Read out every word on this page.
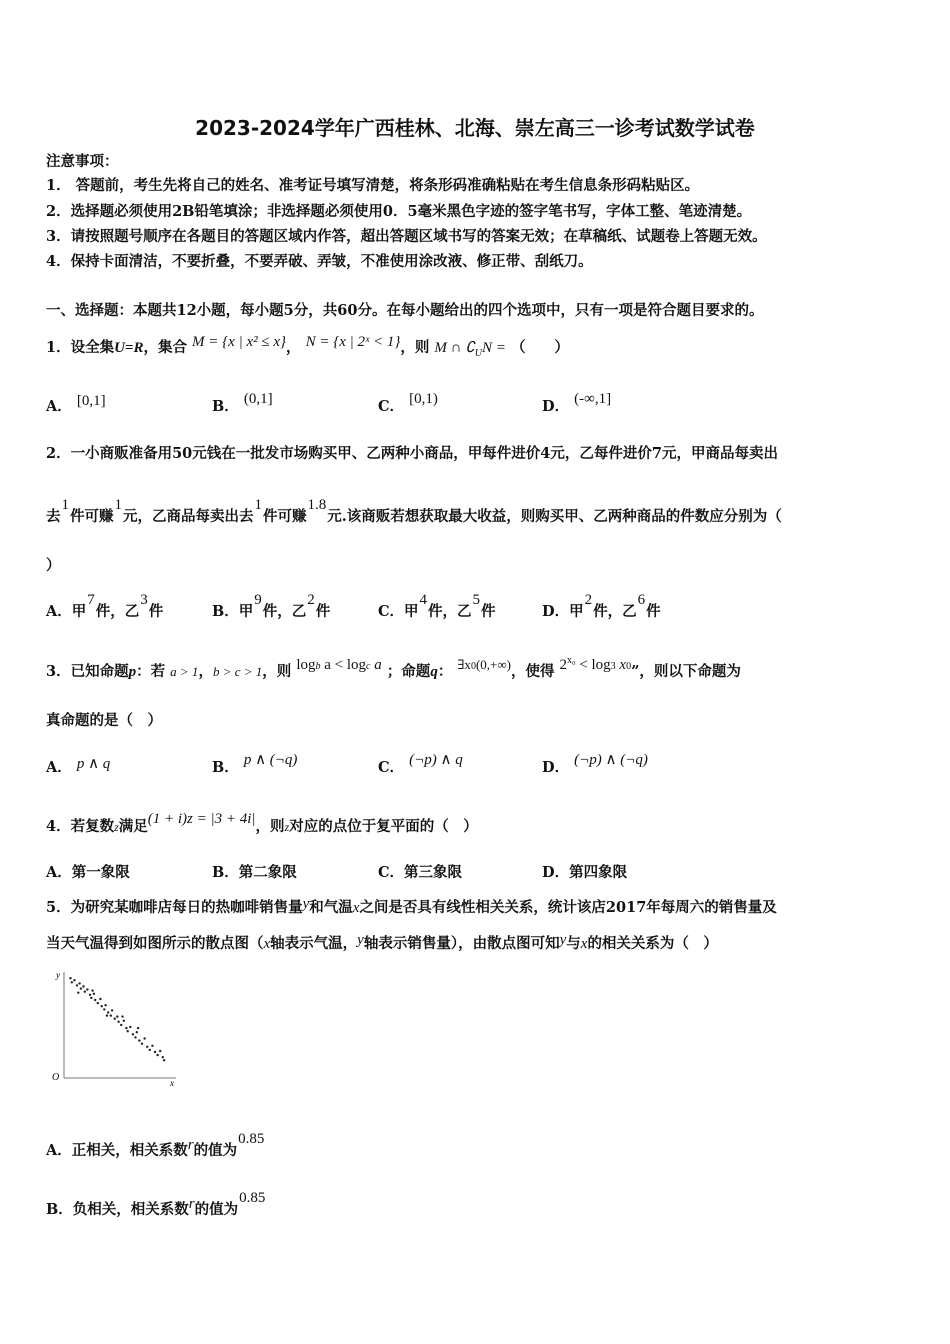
2023-2024学年广西桂林、北海、崇左高三一诊考试数学试卷
注意事项：
1． 答题前，考生先将自己的姓名、准考证号填写清楚，将条形码准确粘贴在考生信息条形码粘贴区。
2．选择题必须使用2B铅笔填涂；非选择题必须使用0．5毫米黑色字迹的签字笔书写，字体工整、笔迹清楚。
3．请按照题号顺序在各题目的答题区域内作答，超出答题区域书写的答案无效；在草稿纸、试题卷上答题无效。
4．保持卡面清洁，不要折叠，不要弄破、弄皱，不准使用涂改液、修正带、刮纸刀。
一、选择题：本题共12小题，每小题5分，共60分。在每小题给出的四个选项中，只有一项是符合题目要求的。
1．设全集U=R，集合 M = {x | x² ≤ x}， N = {x | 2ˣ < 1}，则 M ∩ $∁_UN$ = （　　）
A． [0,1]	B． (0,1]	C． [0,1)	D． (-∞,1]
2．一小商贩准备用50元钱在一批发市场购买甲、乙两种小商品，甲每件进价4元，乙每件进价7元，甲商品每卖出
去1件可赚1元，乙商品每卖出去1件可赚1.8元.该商贩若想获取最大收益，则购买甲、乙两种商品的件数应分别为（
）
A．甲7件，乙3件	B．甲9件，乙2件	C．甲4件，乙5件	D．甲2件，乙6件
3．已知命题p：若 a > 1，b > c > 1，则 logb a < logc a ；命题q： ∃x0(0,+∞)，使得 $2^{x_0} < \log 3$ x0”，则以下命题为
真命题的是（　）
A． p ∧ q	B． p ∧ (¬q)	C． (¬p) ∧ q	D． (¬p) ∧ (¬q)
4．若复数z满足(1 + i)z = |3 + 4i|，则z对应的点位于复平面的（　）
A．第一象限	B．第二象限	C．第三象限	D．第四象限
5．为研究某咖啡店每日的热咖啡销售量y和气温x之间是否具有线性相关关系，统计该店2017年每周六的销售量及
当天气温得到如图所示的散点图（x轴表示气温，y轴表示销售量），由散点图可知y与x的相关关系为（　）
y
x
O
A．正相关，相关系数r的值为0.85
B．负相关，相关系数r的值为0.85
